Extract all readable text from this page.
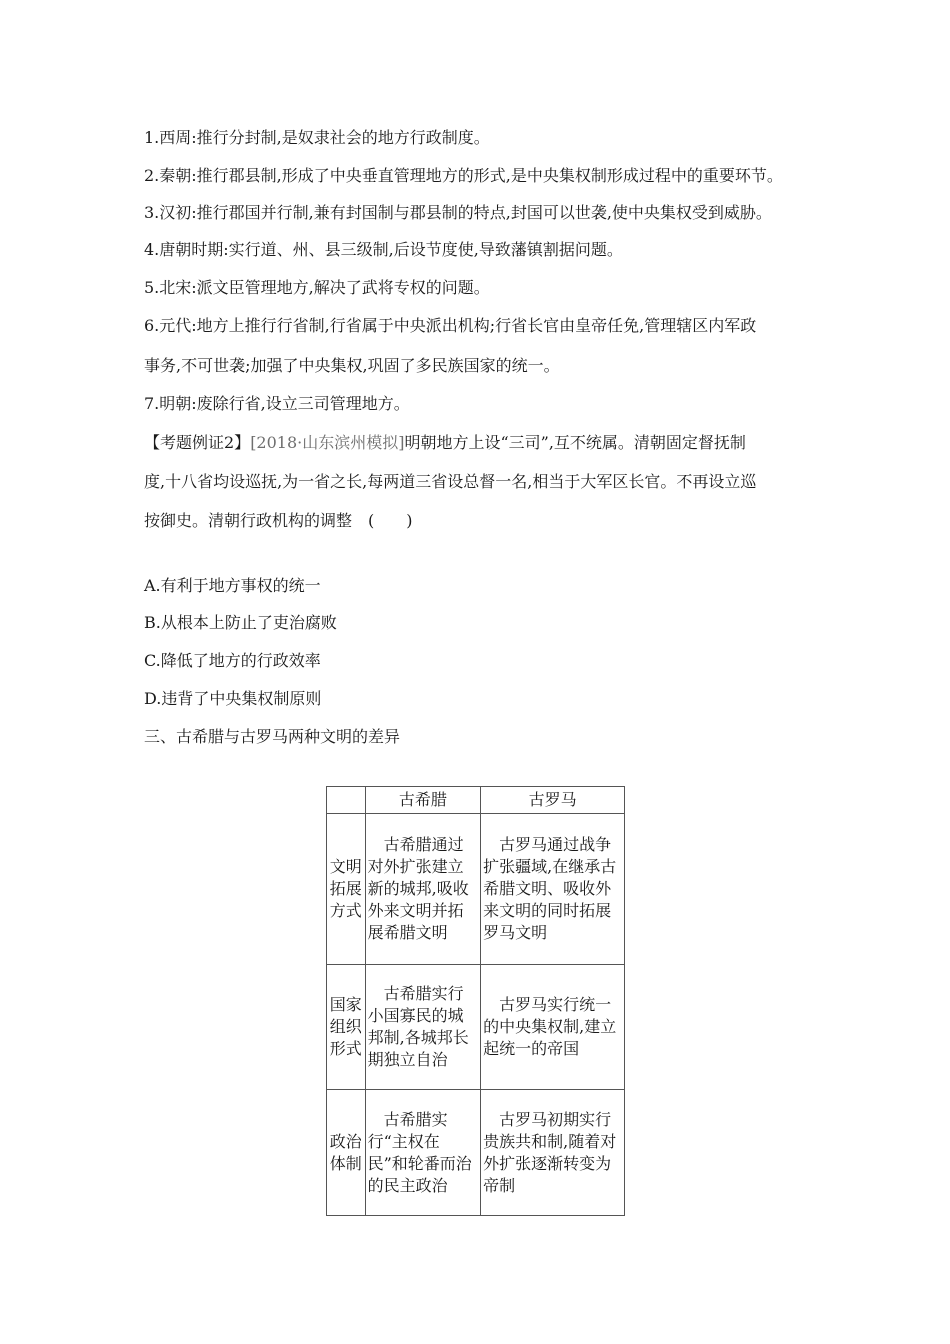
1.西周:推行分封制,是奴隶社会的地方行政制度。
2.秦朝:推行郡县制,形成了中央垂直管理地方的形式,是中央集权制形成过程中的重要环节。
3.汉初:推行郡国并行制,兼有封国制与郡县制的特点,封国可以世袭,使中央集权受到威胁。
4.唐朝时期:实行道、州、县三级制,后设节度使,导致藩镇割据问题。
5.北宋:派文臣管理地方,解决了武将专权的问题。
6.元代:地方上推行行省制,行省属于中央派出机构;行省长官由皇帝任免,管理辖区内军政
事务,不可世袭;加强了中央集权,巩固了多民族国家的统一。
7.明朝:废除行省,设立三司管理地方。
【考题例证2】[2018·山东滨州模拟]明朝地方上设“三司”,互不统属。清朝固定督抚制
度,十八省均设巡抚,为一省之长,每两道三省设总督一名,相当于大军区长官。不再设立巡
按御史。清朝行政机构的调整　(　　)
A.有利于地方事权的统一
B.从根本上防止了吏治腐败
C.降低了地方的行政效率
D.违背了中央集权制原则
三、古希腊与古罗马两种文明的差异
	古希腊	古罗马
文明拓展方式	古希腊通过对外扩张建立新的城邦,吸收外来文明并拓展希腊文明	古罗马通过战争扩张疆域,在继承古希腊文明、吸收外来文明的同时拓展罗马文明
国家组织形式	古希腊实行小国寡民的城邦制,各城邦长期独立自治	古罗马实行统一的中央集权制,建立起统一的帝国
政治体制	古希腊实行“主权在民”和轮番而治的民主政治	古罗马初期实行贵族共和制,随着对外扩张逐渐转变为帝制
